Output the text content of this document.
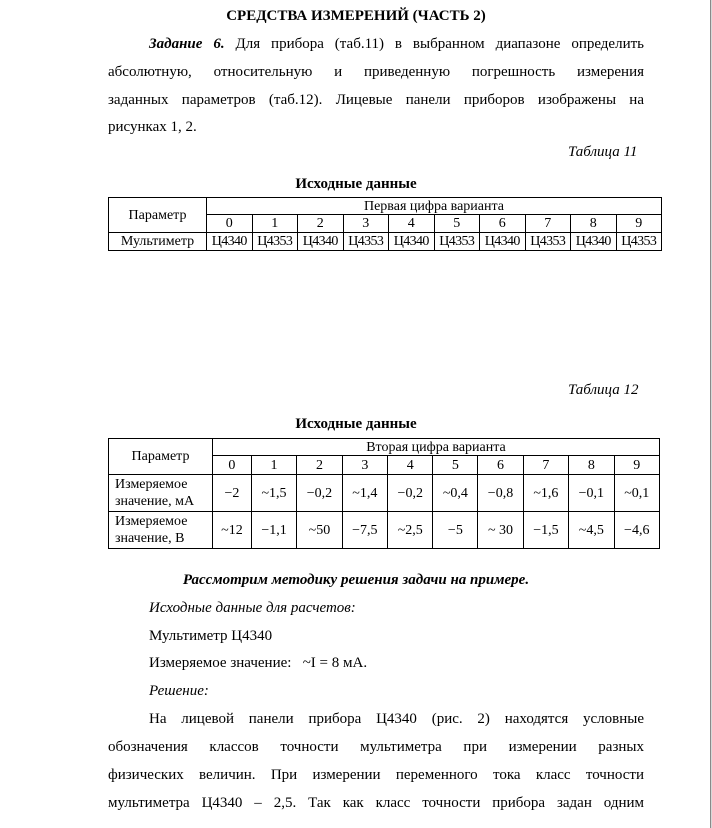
СРЕДСТВА ИЗМЕРЕНИЙ (ЧАСТЬ 2)
Задание 6. Для прибора (таб.11) в выбранном диапазоне определить
абсолютную, относительную и приведенную погрешность измерения
заданных параметров (таб.12). Лицевые панели приборов изображены на
рисунках 1, 2.
Таблица 11
Исходные данные
Параметр	Первая цифра варианта									
	0	1	2	3	4	5	6	7	8	9
Мультиметр	Ц4340	Ц4353	Ц4340	Ц4353	Ц4340	Ц4353	Ц4340	Ц4353	Ц4340	Ц4353
Таблица 12
Исходные данные
Параметр	Вторая цифра варианта									
	0	1	2	3	4	5	6	7	8	9
Измеряемое
значение, мА	−2	~1,5	−0,2	~1,4	−0,2	~0,4	−0,8	~1,6	−0,1	~0,1
Измеряемое
значение, В	~12	−1,1	~50	−7,5	~2,5	−5	~ 30	−1,5	~4,5	−4,6
Рассмотрим методику решения задачи на примере.
Исходные данные для расчетов:
Мультиметр Ц4340
Измеряемое значение: ~I = 8 мА.
Решение:
На лицевой панели прибора Ц4340 (рис. 2) находятся условные
обозначения классов точности мультиметра при измерении разных
физических величин. При измерении переменного тока класс точности
мультиметра Ц4340 – 2,5. Так как класс точности прибора задан одним
